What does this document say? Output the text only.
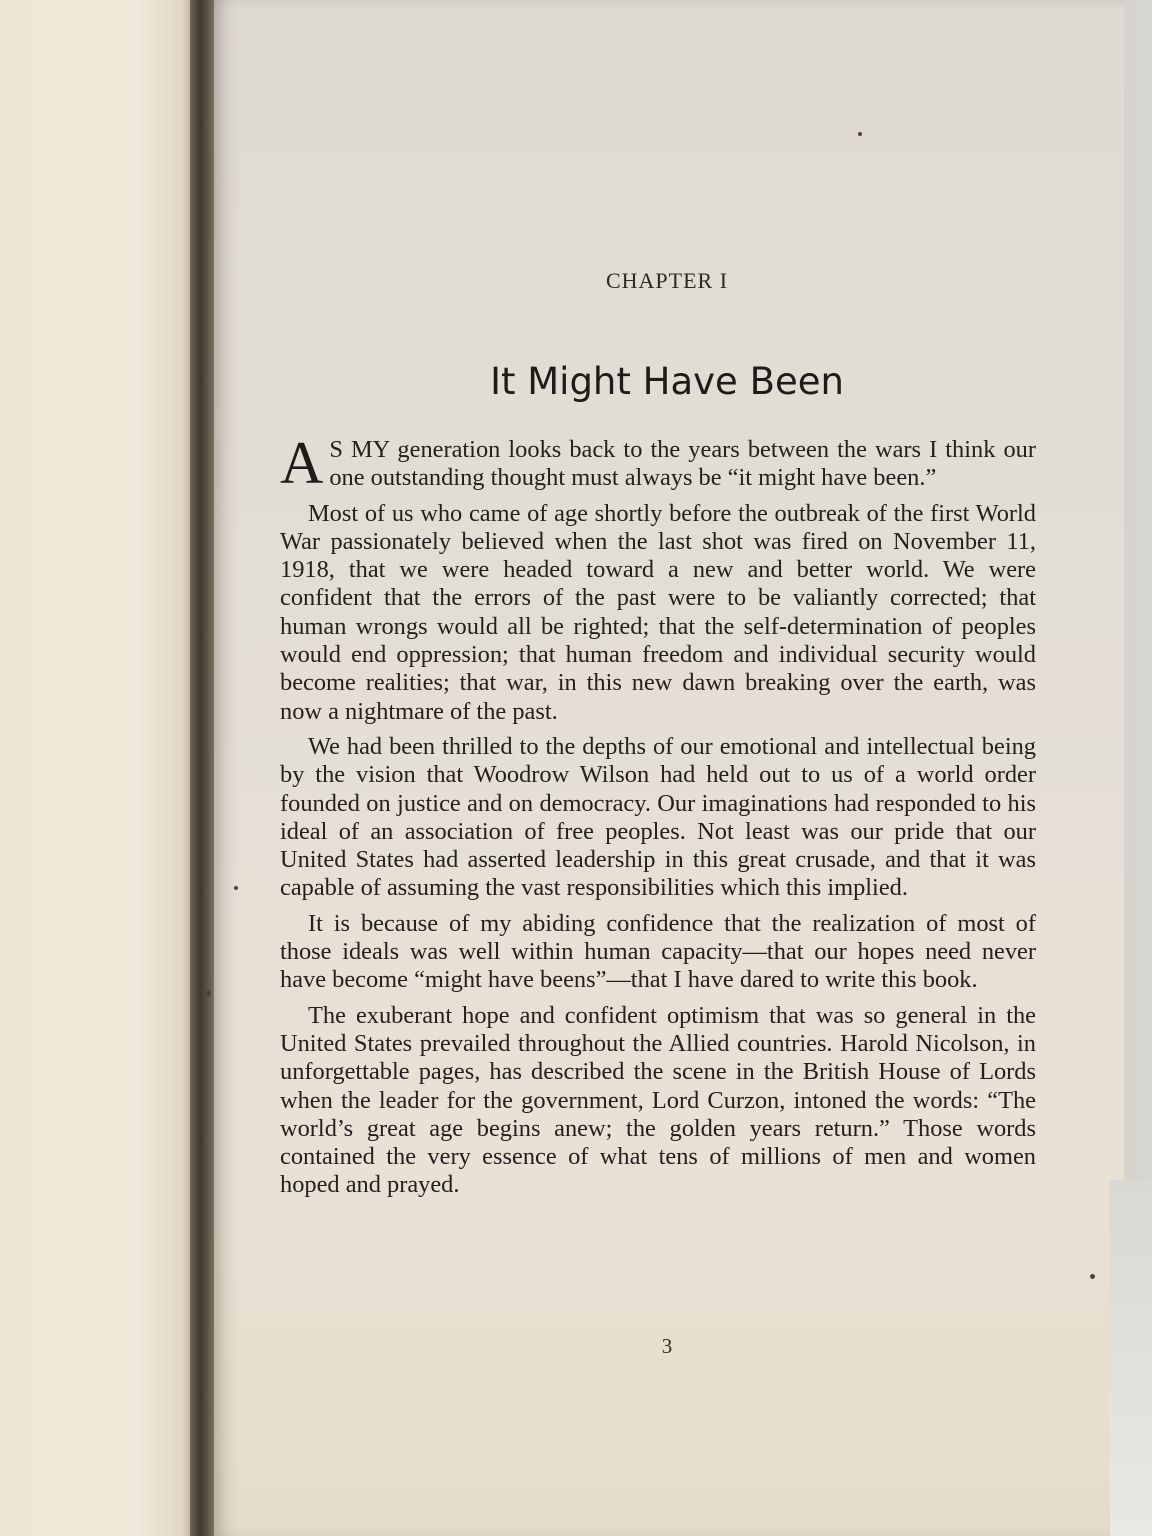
CHAPTER I
It Might Have Been

A S MY generation looks back to the years between the wars I think our one outstanding thought must always be “it might have been.”

Most of us who came of age shortly before the outbreak of the first World War passionately believed when the last shot was fired on November 11, 1918, that we were headed toward a new and better world. We were confident that the errors of the past were to be valiantly corrected; that human wrongs would all be righted; that the self-determination of peoples would end oppression; that human freedom and individual security would become realities; that war, in this new dawn breaking over the earth, was now a nightmare of the past.

We had been thrilled to the depths of our emotional and intellectual being by the vision that Woodrow Wilson had held out to us of a world order founded on justice and on democracy. Our imaginations had responded to his ideal of an association of free peoples. Not least was our pride that our United States had asserted leadership in this great crusade, and that it was capable of assuming the vast responsibilities which this implied.

It is because of my abiding confidence that the realization of most of those ideals was well within human capacity—that our hopes need never have become “might have beens”—that I have dared to write this book.

The exuberant hope and confident optimism that was so general in the United States prevailed throughout the Allied countries. Harold Nicolson, in unforgettable pages, has described the scene in the British House of Lords when the leader for the government, Lord Curzon, intoned the words: “The world’s great age begins anew; the golden years return.” Those words contained the very essence of what tens of millions of men and women hoped and prayed.

3
